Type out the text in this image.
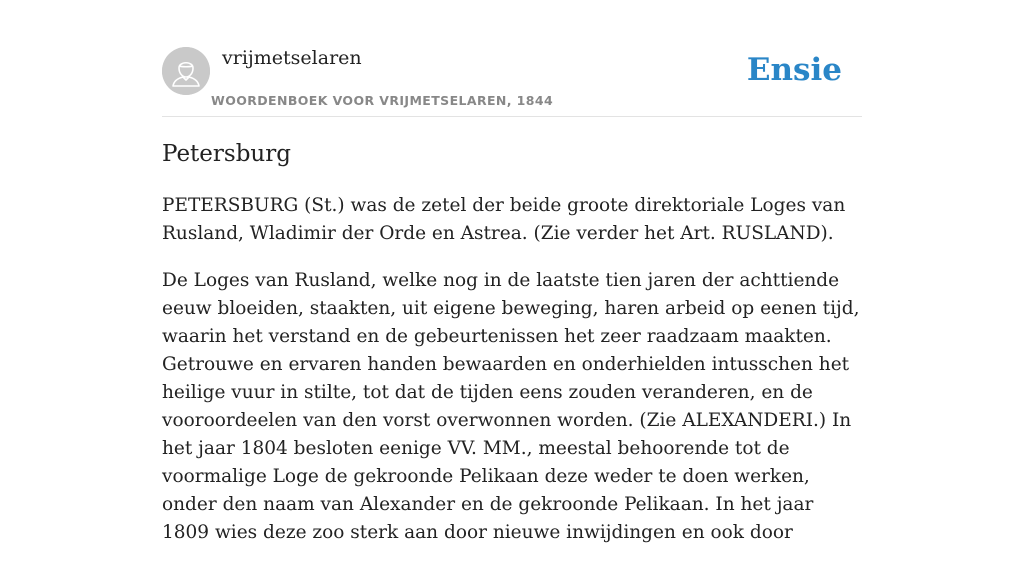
vrijmetselaren
WOORDENBOEK VOOR VRIJMETSELAREN, 1844
Ensie
Petersburg

PETERSBURG (St.) was de zetel der beide groote direktoriale Loges van Rusland, Wladimir der Orde en Astrea. (Zie verder het Art. RUSLAND).

De Loges van Rusland, welke nog in de laatste tien jaren der achttiende eeuw bloeiden, staakten, uit eigene beweging, haren arbeid op eenen tijd, waarin het verstand en de gebeurtenissen het zeer raadzaam maakten. Getrouwe en ervaren handen bewaarden en onderhielden intusschen het heilige vuur in stilte, tot dat de tijden eens zouden veranderen, en de vooroordeelen van den vorst overwonnen worden. (Zie ALEXANDERI.) In het jaar 1804 besloten eenige VV. MM., meestal behoorende tot de voormalige Loge de gekroonde Pelikaan deze weder te doen werken, onder den naam van Alexander en de gekroonde Pelikaan. In het jaar 1809 wies deze zoo sterk aan door nieuwe inwijdingen en ook door
